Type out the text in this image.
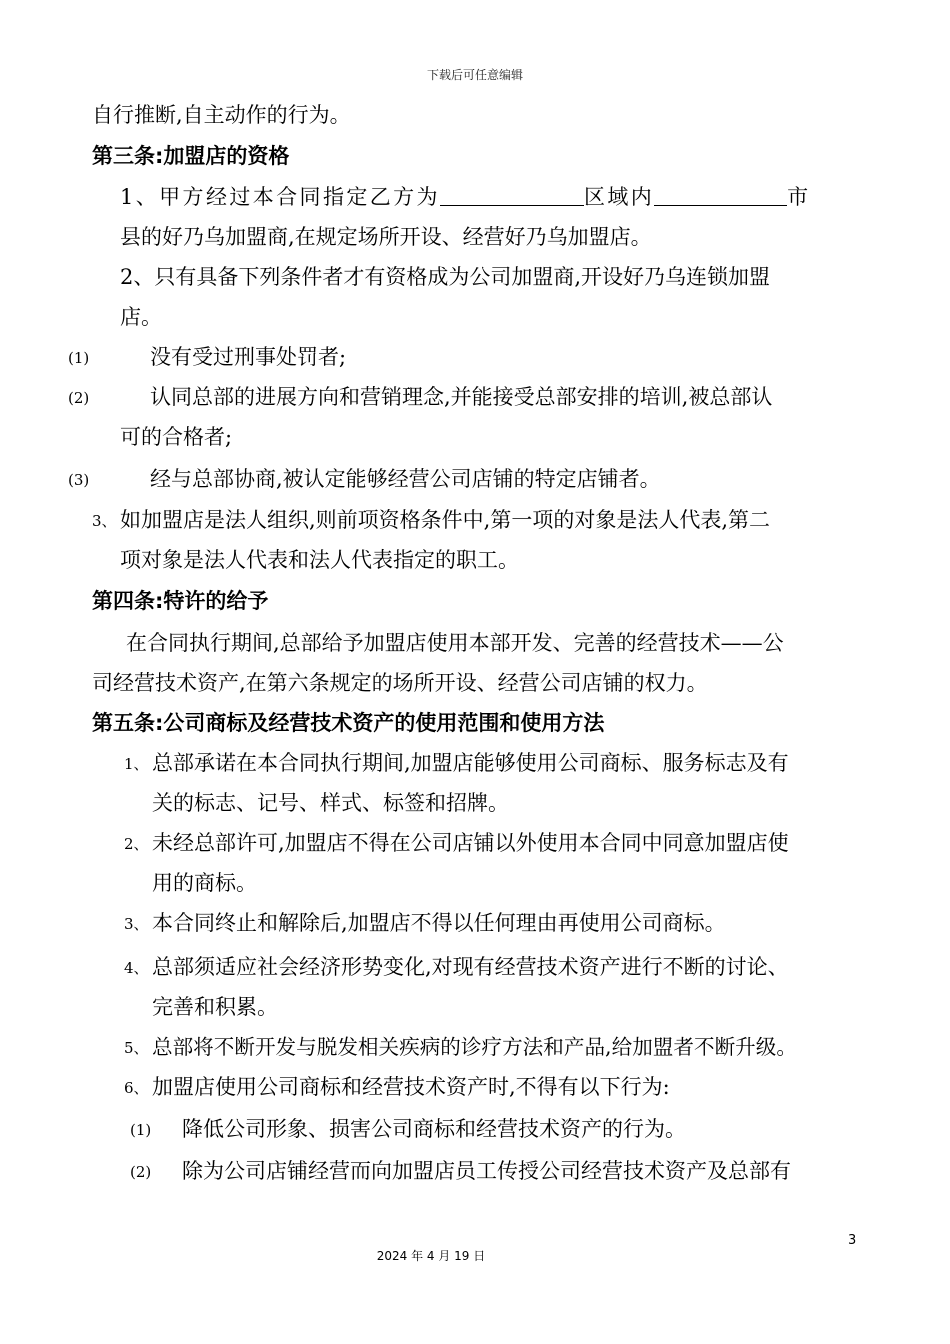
下载后可任意编辑
自行推断,自主动作的行为。
第三条:加盟店的资格
1、甲方经过本合同指定乙方为	区域内	市
县的好乃乌加盟商,在规定场所开设、经营好乃乌加盟店。
2、只有具备下列条件者才有资格成为公司加盟商,开设好乃乌连锁加盟
店。
(1)	没有受过刑事处罚者;
(2)	认同总部的进展方向和营销理念,并能接受总部安排的培训,被总部认
可的合格者;
(3)	经与总部协商,被认定能够经营公司店铺的特定店铺者。
3、 如加盟店是法人组织,则前项资格条件中,第一项的对象是法人代表,第二
项对象是法人代表和法人代表指定的职工。
第四条:特许的给予
在合同执行期间,总部给予加盟店使用本部开发、完善的经营技术——公
司经营技术资产,在第六条规定的场所开设、经营公司店铺的权力。
第五条:公司商标及经营技术资产的使用范围和使用方法
1、 总部承诺在本合同执行期间,加盟店能够使用公司商标、服务标志及有
关的标志、记号、样式、标签和招牌。
2、 未经总部许可,加盟店不得在公司店铺以外使用本合同中同意加盟店使
用的商标。
3、 本合同终止和解除后,加盟店不得以任何理由再使用公司商标。
4、 总部须适应社会经济形势变化,对现有经营技术资产进行不断的讨论、
完善和积累。
5、 总部将不断开发与脱发相关疾病的诊疗方法和产品,给加盟者不断升级。
6、 加盟店使用公司商标和经营技术资产时,不得有以下行为:
(1) 降低公司形象、损害公司商标和经营技术资产的行为。
(2) 除为公司店铺经营而向加盟店员工传授公司经营技术资产及总部有
3
2024 年 4 月 19 日
